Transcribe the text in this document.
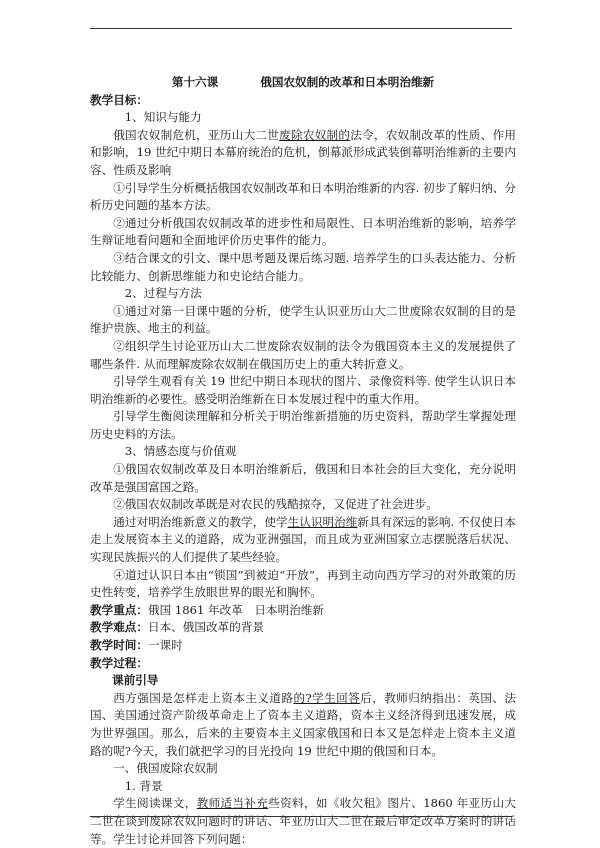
第十六课	俄国农奴制的改革和日本明治维新

教学目标：

1、知识与能力

俄国农奴制危机，亚历山大二世废除农奴制的法令，农奴制改革的性质、作用和影响，19 世纪中期日本幕府统治的危机，倒幕派形成武装倒幕明治维新的主要内容、性质及影响

①引导学生分析概括俄国农奴制改革和日本明治维新的内容. 初步了解归纳、分析历史问题的基本方法。

②通过分析俄国农奴制改革的进步性和局限性、日本明治维新的影响，培养学生辩证地看问题和全面地评价历史事件的能力。

③结合课文的引文、课中思考题及课后练习题. 培养学生的口头表达能力、分析比较能力、创新思维能力和史论结合能力。

2、过程与方法

①通过对第一目课中题的分析，使学生认识亚历山大二世废除农奴制的目的是维护贵族、地主的利益。

②组织学生讨论亚历山大二世废除农奴制的法令为俄国资本主义的发展提供了哪些条件. 从而理解废除农奴制在俄国历史上的重大转折意义。

引导学生观看有关 19 世纪中期日本现状的图片、录像资料等. 使学生认识日本明治维新的必要性。感受明治维新在日本发展过程中的重大作用。

引导学生衡阅读理解和分析关于明治维新措施的历史资料，帮助学生掌握处理历史史料的方法。

3、情感态度与价值观

①俄国农奴制改革及日本明治维新后，俄国和日本社会的巨大变化，充分说明改革是强国富国之路。

②俄国农奴制改革既是对农民的残酷掠夺，又促进了社会进步。

通过对明治维新意义的教学，使学生认识明治维新具有深远的影响. 不仅使日本走上发展资本主义的道路，成为亚洲强国，而且成为亚洲国家立志摆脱落后状况、实现民族振兴的人们提供了某些经验。

④道过认识日本由“锁国”到被迫“开放”，再到主动向西方学习的对外敢策的历史性转变，培养学生放眼世界的眼光和胸怀。

教学重点：俄国 1861 年改革　日本明治维新

教学难点：日本、俄国改革的背景

教学时间：一课时

教学过程：

课前引导

西方强国是怎样走上资本主义道路的?学生回答后，教师归纳指出：英国、法国、美国通过资产阶级革命走上了资本主义道路，资本主义经济得到迅速发展，成为世界强国。那么，后来的主要资本主义国家俄国和日本又是怎样走上资本主义道路的呢?今天，我们就把学习的目光投向 19 世纪中期的俄国和日本。

一、俄国废除农奴制

1. 背景

学生阅读课文，教师适当补充些资料，如《收欠租》图片、1860 年亚历山大二世在谈到废除农奴问题时的讲话、年亚历山大二世在最后审定改革方案时的讲话等。学生讨论并回答下列问题：
